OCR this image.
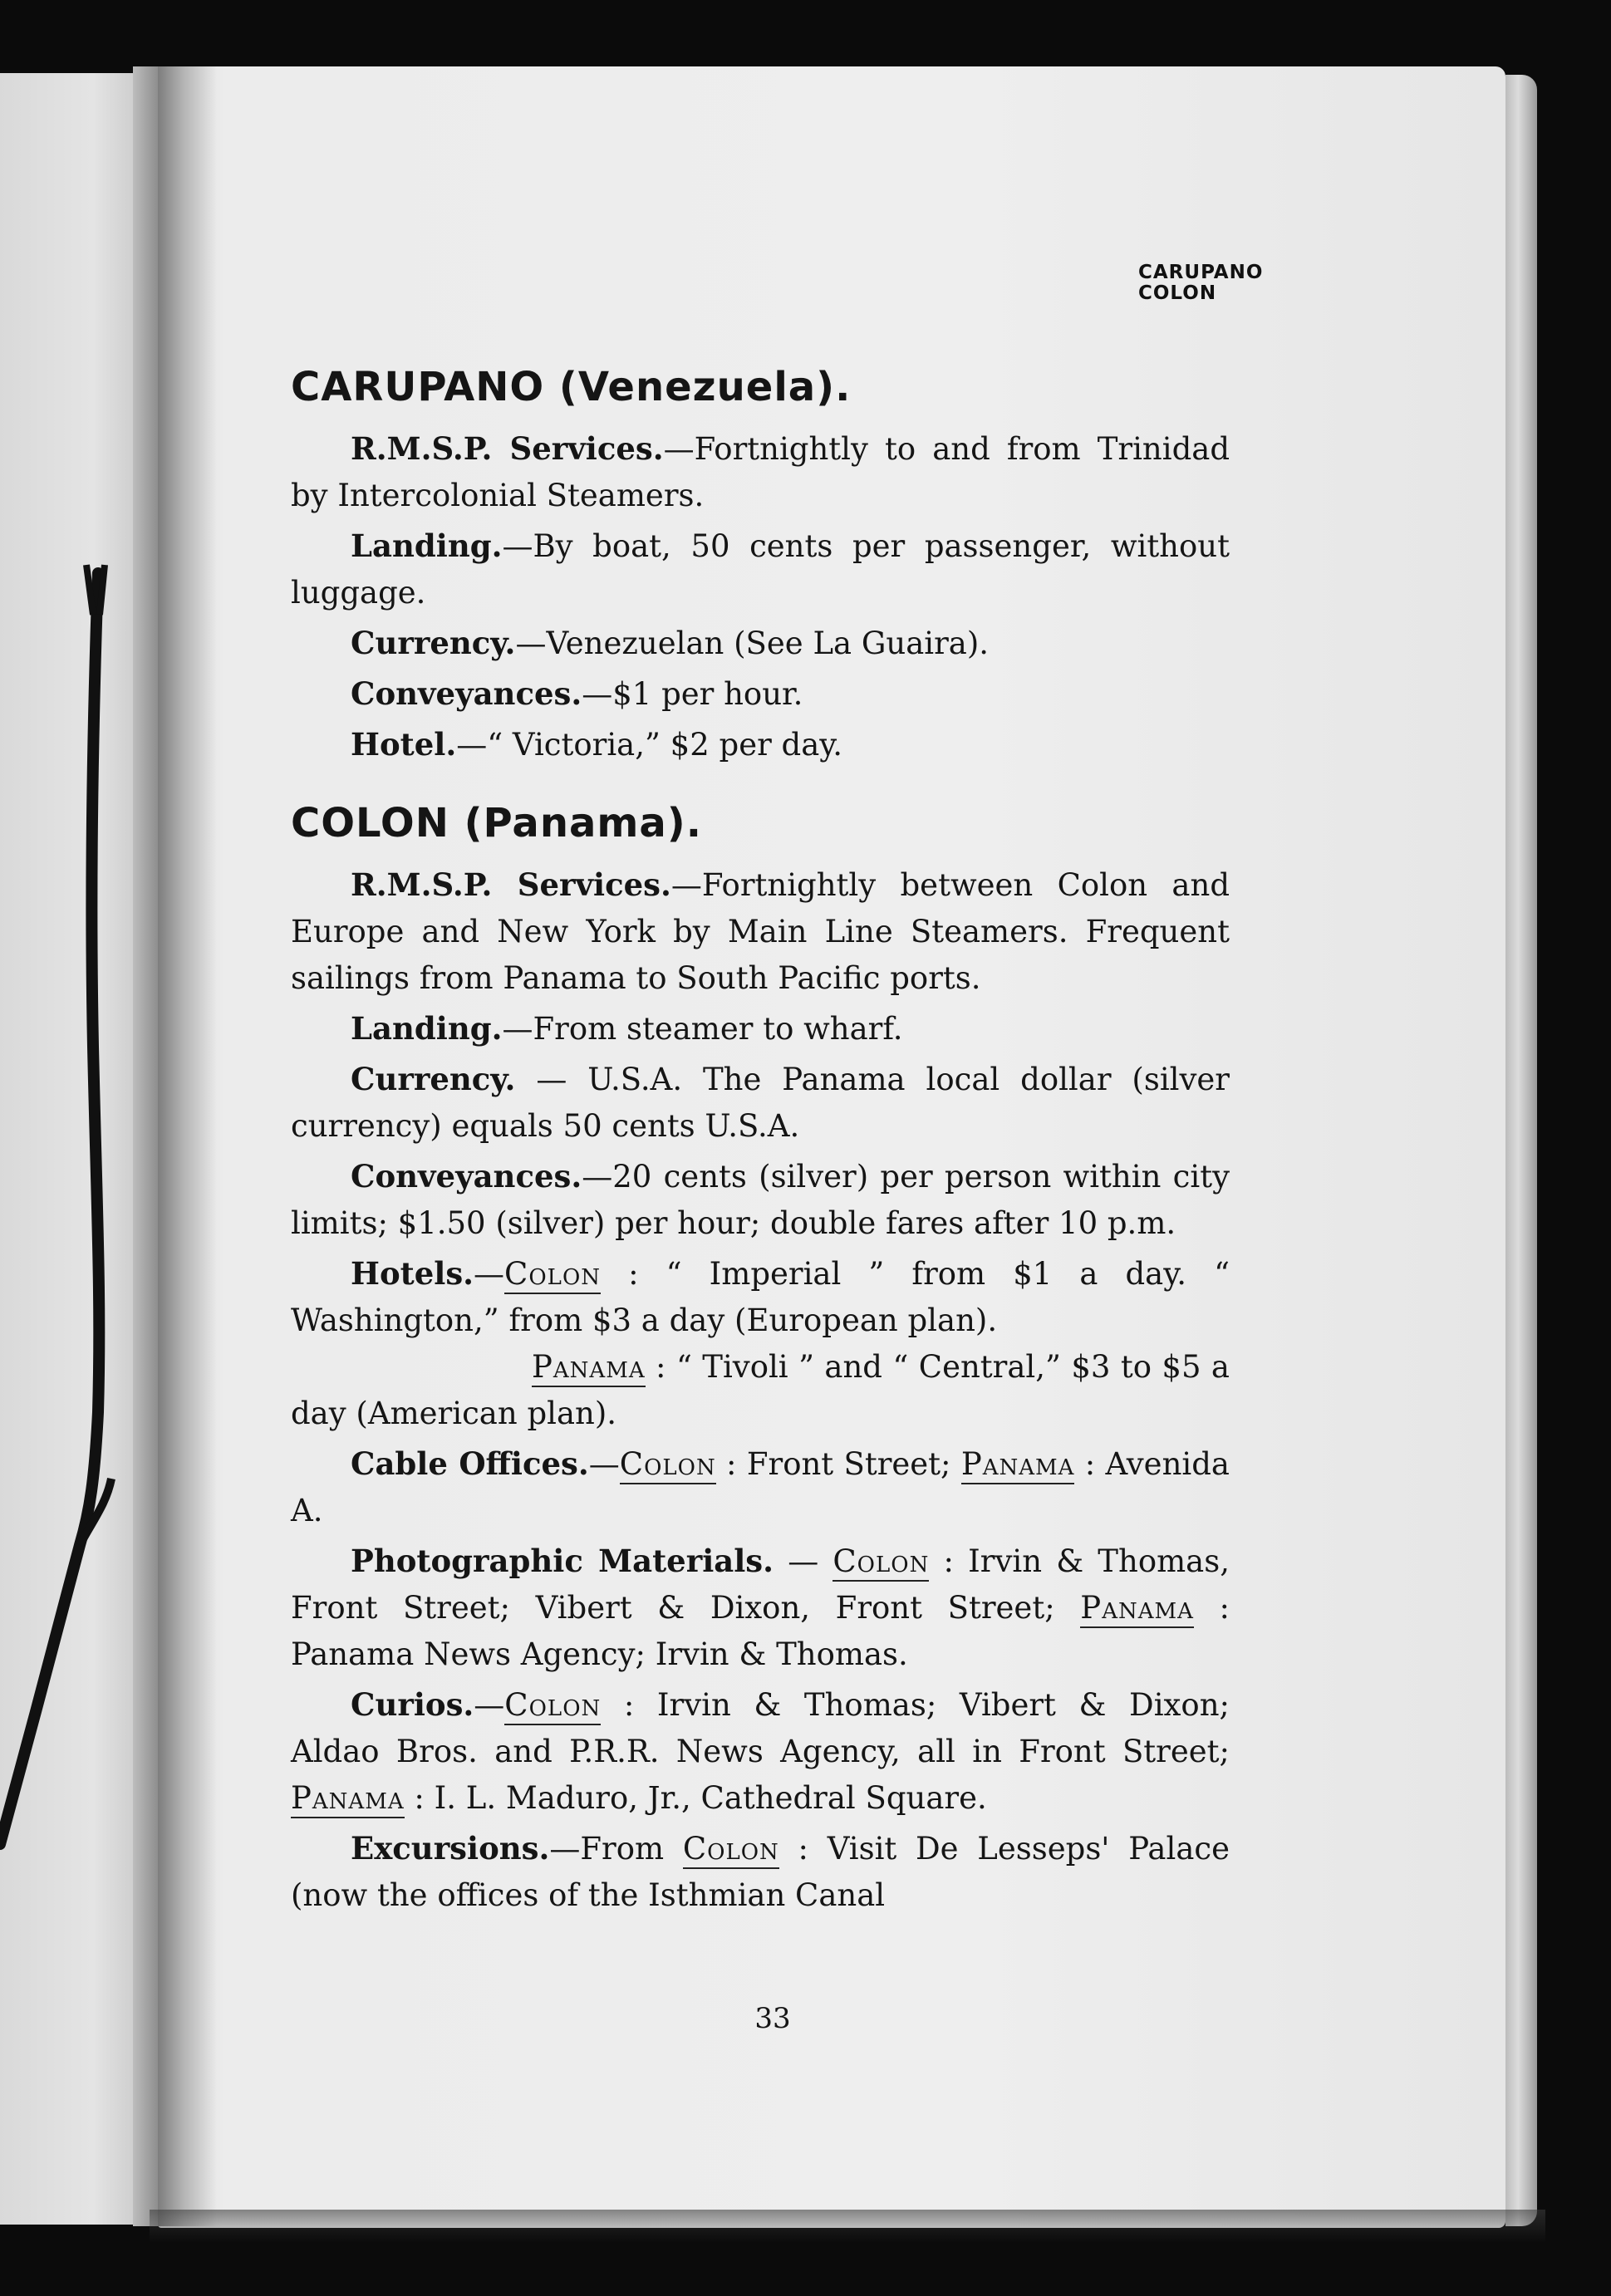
CARUPANO
COLON
CARUPANO (Venezuela).

R.M.S.P. Services.—Fortnightly to and from Trinidad by Intercolonial Steamers.

Landing.—By boat, 50 cents per passenger, without luggage.

Currency.—Venezuelan (See La Guaira).

Conveyances.—$1 per hour.

Hotel.—“ Victoria,” $2 per day.

COLON (Panama).

R.M.S.P. Services.—Fortnightly between Colon and Europe and New York by Main Line Steamers. Frequent sailings from Panama to South Pacific ports.

Landing.—From steamer to wharf.

Currency. — U.S.A. The Panama local dollar (silver currency) equals 50 cents U.S.A.

Conveyances.—20 cents (silver) per person within city limits; $1.50 (silver) per hour; double fares after 10 p.m.

Hotels.—Colon : “ Imperial ” from $1 a day. “ Washington,” from $3 a day (European plan).

Panama : “ Tivoli ” and “ Central,” $3 to $5 a day (American plan).

Cable Offices.—Colon : Front Street; Panama : Avenida A.

Photographic Materials. — Colon : Irvin & Thomas, Front Street; Vibert & Dixon, Front Street; Panama : Panama News Agency; Irvin & Thomas.

Curios.—Colon : Irvin & Thomas; Vibert & Dixon; Aldao Bros. and P.R.R. News Agency, all in Front Street; Panama : I. L. Maduro, Jr., Cathedral Square.

Excursions.—From Colon : Visit De Lesseps' Palace (now the offices of the Isthmian Canal

33
